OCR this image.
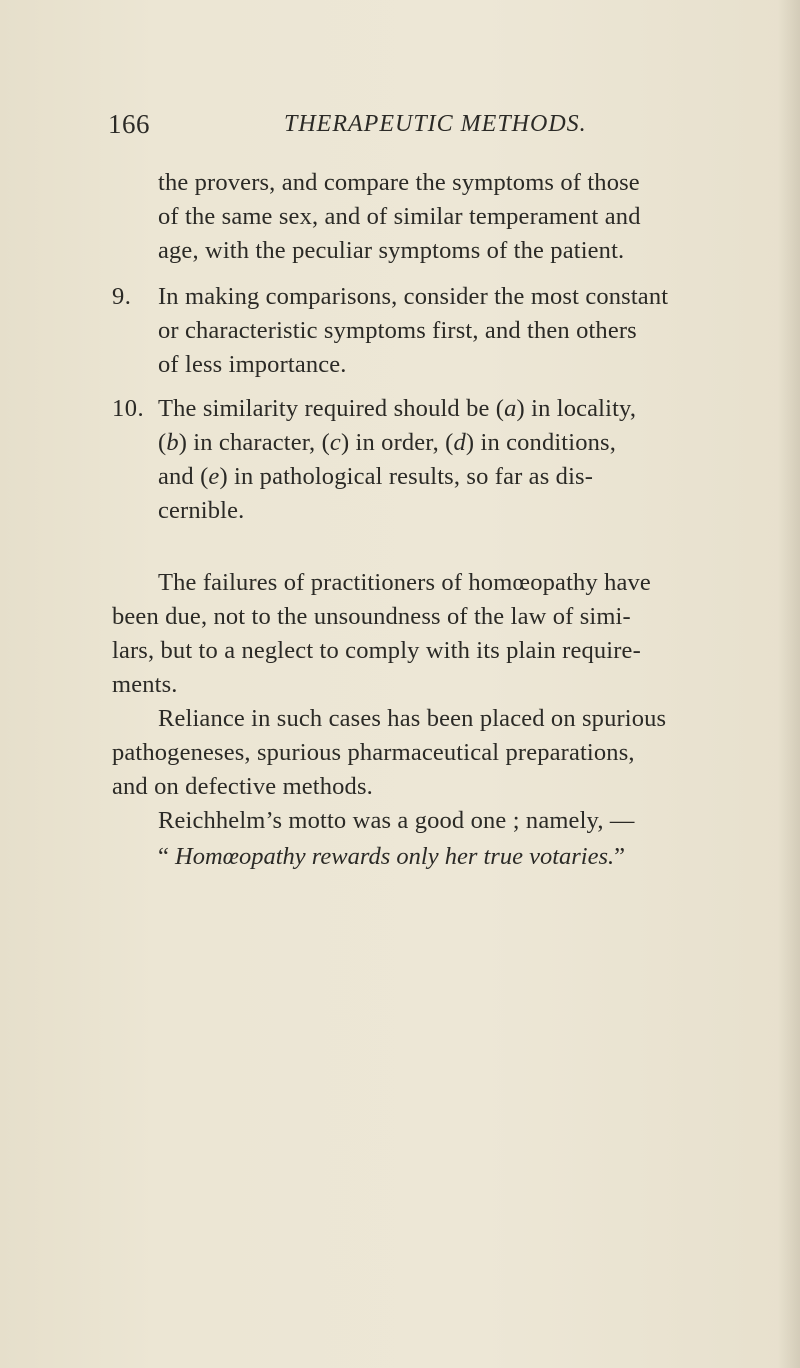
166	THERAPEUTIC METHODS.
the provers, and compare the symptoms of those
of the same sex, and of similar temperament and
age, with the peculiar symptoms of the patient.
9. In making comparisons, consider the most constant
or characteristic symptoms first, and then others
of less importance.
10. The similarity required should be (a) in locality,
(b) in character, (c) in order, (d) in conditions,
and (e) in pathological results, so far as dis-
cernible.
The failures of practitioners of homœopathy have
been due, not to the unsoundness of the law of simi-
lars, but to a neglect to comply with its plain require-
ments.
Reliance in such cases has been placed on spurious
pathogeneses, spurious pharmaceutical preparations,
and on defective methods.
Reichhelm’s motto was a good one ; namely, —
“ Homœopathy rewards only her true votaries.”
